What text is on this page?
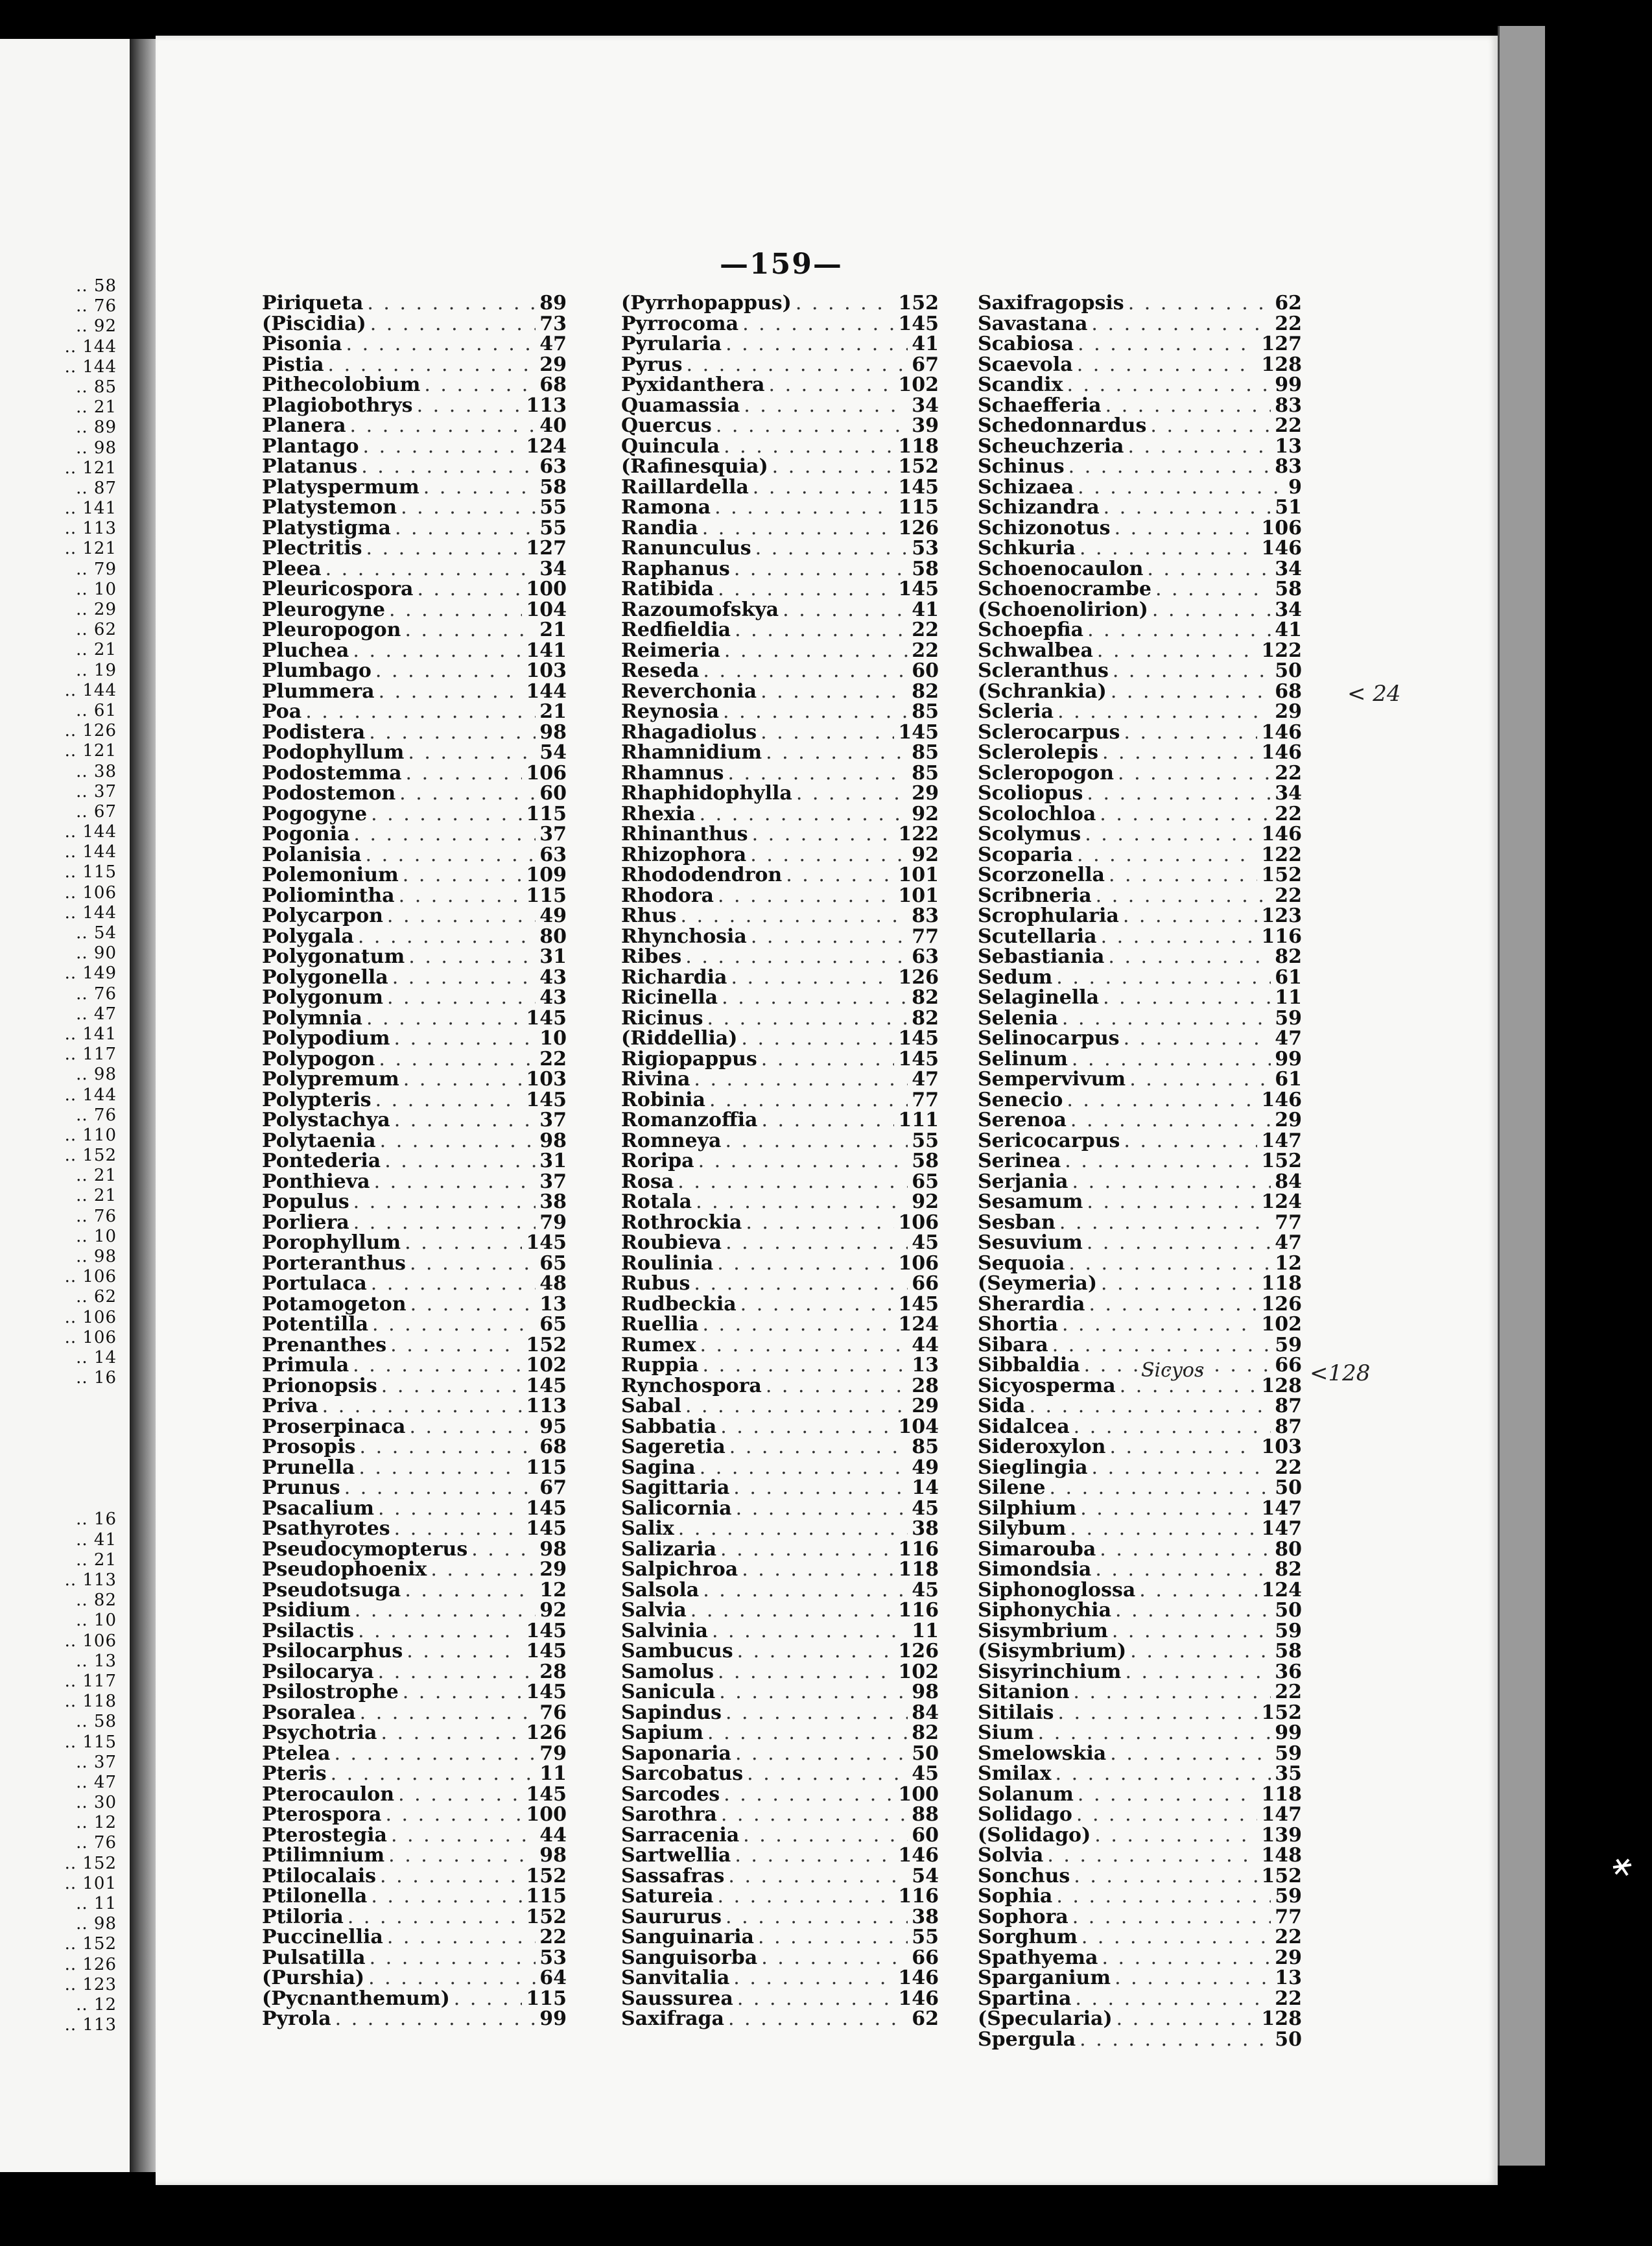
.. 58
.. 76
.. 92
.. 144
.. 144
.. 85
.. 21
.. 89
.. 98
.. 121
.. 87
.. 141
.. 113
.. 121
.. 79
.. 10
.. 29
.. 62
.. 21
.. 19
.. 144
.. 61
.. 126
.. 121
.. 38
.. 37
.. 67
.. 144
.. 144
.. 115
.. 106
.. 144
.. 54
.. 90
.. 149
.. 76
.. 47
.. 141
.. 117
.. 98
.. 144
.. 76
.. 110
.. 152
.. 21
.. 21
.. 76
.. 10
.. 98
.. 106
.. 62
.. 106
.. 106
.. 14
.. 16
.. 16
.. 41
.. 21
.. 113
.. 82
.. 10
.. 106
.. 13
.. 117
.. 118
.. 58
.. 115
.. 37
.. 47
.. 30
.. 12
.. 76
.. 152
.. 101
.. 11
.. 98
.. 152
.. 126
.. 123
.. 12
.. 113
—159—
Piriqueta . . .	89
(Piscidia) . . .	73
Pisonia . . .	47
Pistia . . .	29
Pithecolobium . . .	68
Plagiobothrys . . .	113
Planera . . .	40
Plantago . . .	124
Platanus . . .	63
Platyspermum . . .	58
Platystemon . . .	55
Platystigma . . .	55
Plectritis . . .	127
Pleea . . .	34
Pleuricospora . . .	100
Pleurogyne . . .	104
Pleuropogon . . .	21
Pluchea . . .	141
Plumbago . . .	103
Plummera . . .	144
Poa . . .	21
Podistera . . .	98
Podophyllum . . .	54
Podostemma . . .	106
Podostemon . . .	60
Pogogyne . . .	115
Pogonia . . .	37
Polanisia . . .	63
Polemonium . . .	109
Poliomintha . . .	115
Polycarpon . . .	49
Polygala . . .	80
Polygonatum . . .	31
Polygonella . . .	43
Polygonum . . .	43
Polymnia . . .	145
Polypodium . . .	10
Polypogon . . .	22
Polypremum . . .	103
Polypteris . . .	145
Polystachya . . .	37
Polytaenia . . .	98
Pontederia . . .	31
Ponthieva . . .	37
Populus . . .	38
Porliera . . .	79
Porophyllum . . .	145
Porteranthus . . .	65
Portulaca . . .	48
Potamogeton . . .	13
Potentilla . . .	65
Prenanthes . . .	152
Primula . . .	102
Prionopsis . . .	145
Priva . . .	113
Proserpinaca . . .	95
Prosopis . . .	68
Prunella . . .	115
Prunus . . .	67
Psacalium . . .	145
Psathyrotes . . .	145
Pseudocymopterus . . .	98
Pseudophoenix . . .	29
Pseudotsuga . . .	12
Psidium . . .	92
Psilactis . . .	145
Psilocarphus . . .	145
Psilocarya . . .	28
Psilostrophe . . .	145
Psoralea . . .	76
Psychotria . . .	126
Ptelea . . .	79
Pteris . . .	11
Pterocaulon . . .	145
Pterospora . . .	100
Pterostegia . . .	44
Ptilimnium . . .	98
Ptilocalais . . .	152
Ptilonella . . .	115
Ptiloria . . .	152
Puccinellia . . .	22
Pulsatilla . . .	53
(Purshia) . . .	64
(Pycnanthemum) . . .	115
Pyrola . . .	99
(Pyrrhopappus) . . .	152
Pyrrocoma . . .	145
Pyrularia . . .	41
Pyrus . . .	67
Pyxidanthera . . .	102
Quamassia . . .	34
Quercus . . .	39
Quincula . . .	118
(Rafinesquia) . . .	152
Raillardella . . .	145
Ramona . . .	115
Randia . . .	126
Ranunculus . . .	53
Raphanus . . .	58
Ratibida . . .	145
Razoumofskya . . .	41
Redfieldia . . .	22
Reimeria . . .	22
Reseda . . .	60
Reverchonia . . .	82
Reynosia . . .	85
Rhagadiolus . . .	145
Rhamnidium . . .	85
Rhamnus . . .	85
Rhaphidophylla . . .	29
Rhexia . . .	92
Rhinanthus . . .	122
Rhizophora . . .	92
Rhododendron . . .	101
Rhodora . . .	101
Rhus . . .	83
Rhynchosia . . .	77
Ribes . . .	63
Richardia . . .	126
Ricinella . . .	82
Ricinus . . .	82
(Riddellia) . . .	145
Rigiopappus . . .	145
Rivina . . .	47
Robinia . . .	77
Romanzoffia . . .	111
Romneya . . .	55
Roripa . . .	58
Rosa . . .	65
Rotala . . .	92
Rothrockia . . .	106
Roubieva . . .	45
Roulinia . . .	106
Rubus . . .	66
Rudbeckia . . .	145
Ruellia . . .	124
Rumex . . .	44
Ruppia . . .	13
Rynchospora . . .	28
Sabal . . .	29
Sabbatia . . .	104
Sageretia . . .	85
Sagina . . .	49
Sagittaria . . .	14
Salicornia . . .	45
Salix . . .	38
Salizaria . . .	116
Salpichroa . . .	118
Salsola . . .	45
Salvia . . .	116
Salvinia . . .	11
Sambucus . . .	126
Samolus . . .	102
Sanicula . . .	98
Sapindus . . .	84
Sapium . . .	82
Saponaria . . .	50
Sarcobatus . . .	45
Sarcodes . . .	100
Sarothra . . .	88
Sarracenia . . .	60
Sartwellia . . .	146
Sassafras . . .	54
Satureia . . .	116
Saururus . . .	38
Sanguinaria . . .	55
Sanguisorba . . .	66
Sanvitalia . . .	146
Saussurea . . .	146
Saxifraga . . .	62
Saxifragopsis . . .	62
Savastana . . .	22
Scabiosa . . .	127
Scaevola . . .	128
Scandix . . .	99
Schaefferia . . .	83
Schedonnardus . . .	22
Scheuchzeria . . .	13
Schinus . . .	83
Schizaea . . .	9
Schizandra . . .	51
Schizonotus . . .	106
Schkuria . . .	146
Schoenocaulon . . .	34
Schoenocrambe . . .	58
(Schoenolirion) . . .	34
Schoepfia . . .	41
Schwalbea . . .	122
Scleranthus . . .	50
(Schrankia) . . .	68
Scleria . . .	29
Sclerocarpus . . .	146
Sclerolepis . . .	146
Scleropogon . . .	22
Scoliopus . . .	34
Scolochloa . . .	22
Scolymus . . .	146
Scoparia . . .	122
Scorzonella . . .	152
Scribneria . . .	22
Scrophularia . . .	123
Scutellaria . . .	116
Sebastiania . . .	82
Sedum . . .	61
Selaginella . . .	11
Selenia . . .	59
Selinocarpus . . .	47
Selinum . . .	99
Sempervivum . . .	61
Senecio . . .	146
Serenoa . . .	29
Sericocarpus . . .	147
Serinea . . .	152
Serjania . . .	84
Sesamum . . .	124
Sesban . . .	77
Sesuvium . . .	47
Sequoia . . .	12
(Seymeria) . . .	118
Sherardia . . .	126
Shortia . . .	102
Sibara . . .	59
Sibbaldia . . .	66
Sicyosperma . . .	128
Sida . . .	87
Sidalcea . . .	87
Sideroxylon . . .	103
Sieglingia . . .	22
Silene . . .	50
Silphium . . .	147
Silybum . . .	147
Simarouba . . .	80
Simondsia . . .	82
Siphonoglossa . . .	124
Siphonychia . . .	50
Sisymbrium . . .	59
(Sisymbrium) . . .	58
Sisyrinchium . . .	36
Sitanion . . .	22
Sitilais . . .	152
Sium . . .	99
Smelowskia . . .	59
Smilax . . .	35
Solanum . . .	118
Solidago . . .	147
(Solidago) . . .	139
Solvia . . .	148
Sonchus . . .	152
Sophia . . .	59
Sophora . . .	77
Sorghum . . .	22
Spathyema . . .	29
Sparganium . . .	13
Spartina . . .	22
(Specularia) . . .	128
Spergula . . .	50
< 24
Sicyos	<128
